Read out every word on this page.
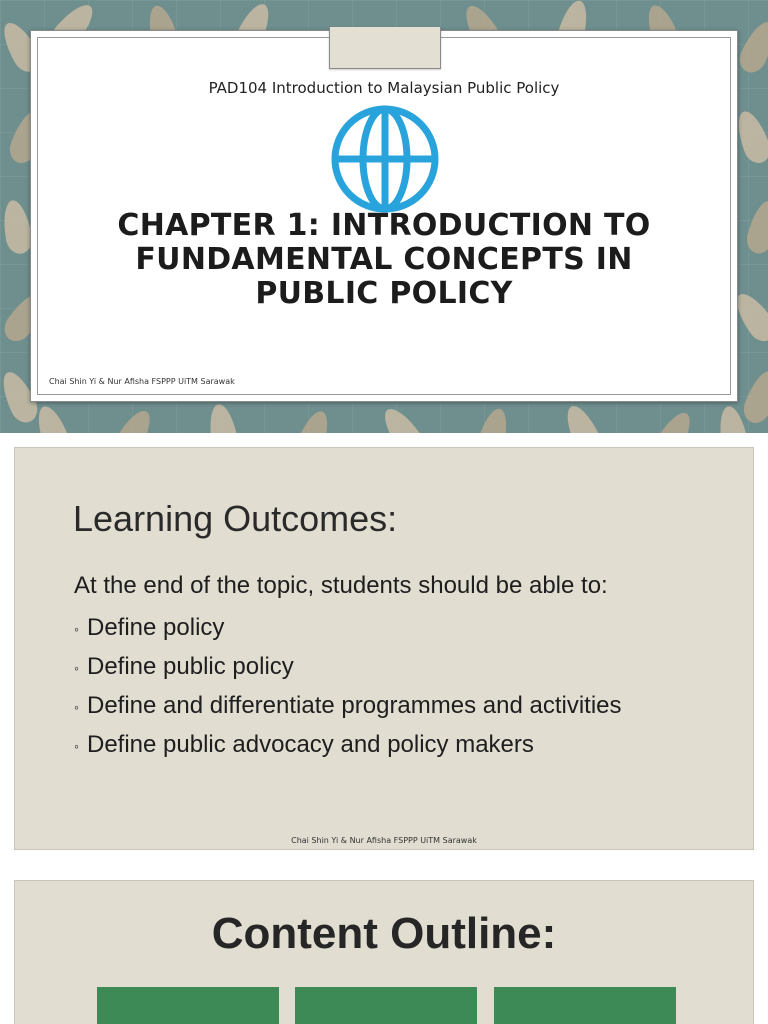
PAD104 Introduction to Malaysian Public Policy
CHAPTER 1: INTRODUCTION TO FUNDAMENTAL CONCEPTS IN PUBLIC POLICY
Chai Shin Yi & Nur Afisha FSPPP UiTM Sarawak
Learning Outcomes:
At the end of the topic, students should be able to:
◦ Define policy
◦ Define public policy
◦ Define and differentiate programmes and activities
◦ Define public advocacy and policy makers
Chai Shin Yi & Nur Afisha FSPPP UiTM Sarawak
Content Outline:
